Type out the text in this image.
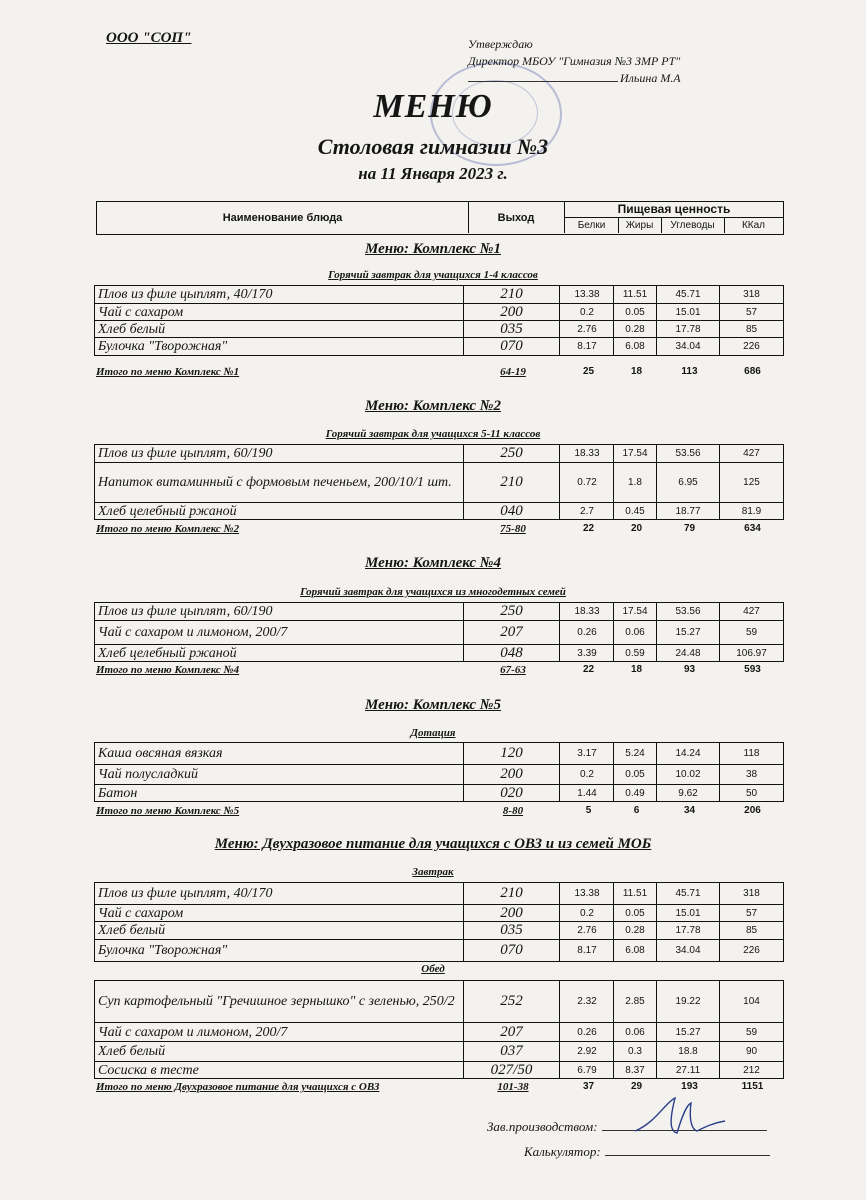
ООО "СОП"	Утверждаю
Директор МБОУ "Гимназия №3 ЗМР РТ"
Ильина М.А
МЕНЮ
Столовая гимназии №3
на 11 Января 2023 г.
Наименование блюда	Выход
Пищевая ценность
Белки	Жиры	Углеводы	ККал
Меню: Комплекс №1
Горячий завтрак для учащихся 1-4 классов
Плов из филе цыплят, 40/170	210	13.38	11.51	45.71	318
Чай с сахаром	200	0.2	0.05	15.01	57
Хлеб белый	035	2.76	0.28	17.78	85
Булочка "Творожная"	070	8.17	6.08	34.04	226
Итого по меню Комплекс №1	64-19	25	18	113	686
Меню: Комплекс №2
Горячий завтрак для учащихся 5-11 классов
Плов из филе цыплят, 60/190	250	18.33	17.54	53.56	427
Напиток витаминный с формовым печеньем, 200/10/1 шт.	210	0.72	1.8	6.95	125
Хлеб целебный ржаной	040	2.7	0.45	18.77	81.9
Итого по меню Комплекс №2	75-80	22	20	79	634
Меню: Комплекс №4
Горячий завтрак для учащихся из многодетных семей
Плов из филе цыплят, 60/190	250	18.33	17.54	53.56	427
Чай с сахаром и лимоном, 200/7	207	0.26	0.06	15.27	59
Хлеб целебный ржаной	048	3.39	0.59	24.48	106.97
Итого по меню Комплекс №4	67-63	22	18	93	593
Меню: Комплекс №5
Дотация
Каша овсяная вязкая	120	3.17	5.24	14.24	118
Чай полусладкий	200	0.2	0.05	10.02	38
Батон	020	1.44	0.49	9.62	50
Итого по меню Комплекс №5	8-80	5	6	34	206
Меню: Двухразовое питание для учащихся с ОВЗ и из семей МОБ
Завтрак
Плов из филе цыплят, 40/170	210	13.38	11.51	45.71	318
Чай с сахаром	200	0.2	0.05	15.01	57
Хлеб белый	035	2.76	0.28	17.78	85
Булочка "Творожная"	070	8.17	6.08	34.04	226
Обед
Суп картофельный "Гречишное зернышко" с зеленью, 250/2	252	2.32	2.85	19.22	104
Чай с сахаром и лимоном, 200/7	207	0.26	0.06	15.27	59
Хлеб белый	037	2.92	0.3	18.8	90
Сосиска в тесте	027/50	6.79	8.37	27.11	212
Итого по меню Двухразовое питание для учащихся с ОВЗ	101-38	37	29	193	1151
Зав.производством:
Калькулятор:
